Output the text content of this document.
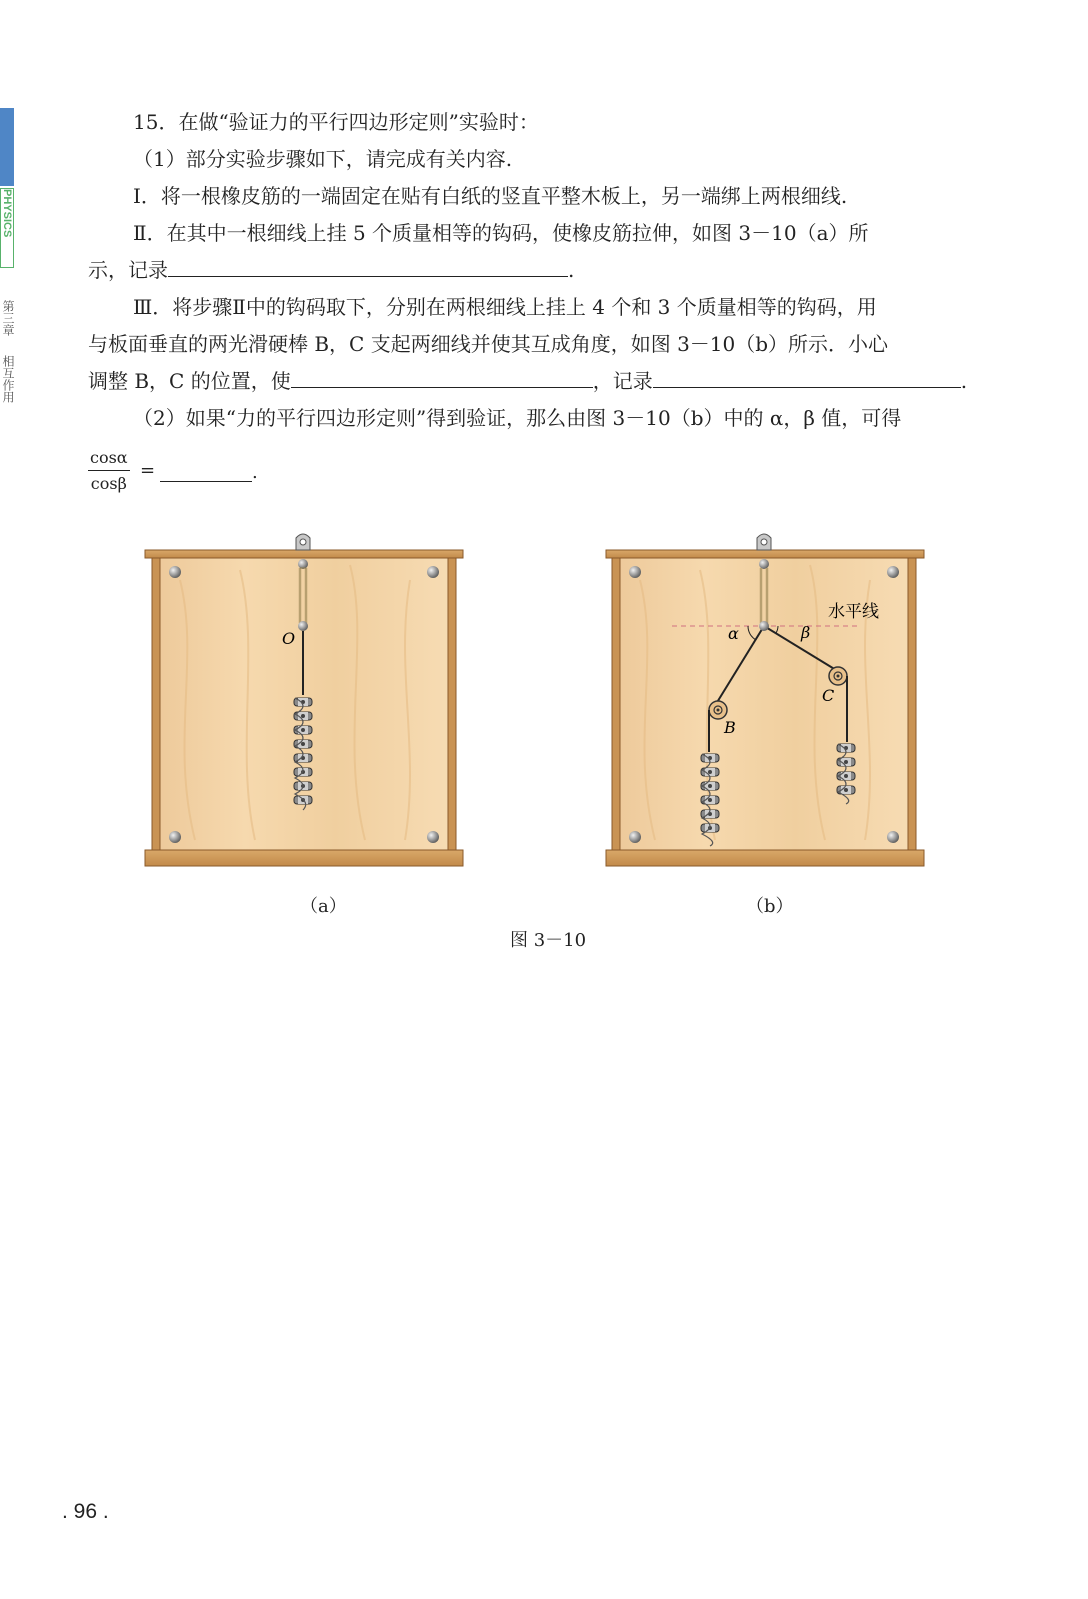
PHYSICS
第三章
相互作用
15．在做“验证力的平行四边形定则”实验时：
（1）部分实验步骤如下，请完成有关内容.
Ⅰ．将一根橡皮筋的一端固定在贴有白纸的竖直平整木板上，另一端绑上两根细线.
Ⅱ．在其中一根细线上挂 5 个质量相等的钩码，使橡皮筋拉伸，如图 3－10（a）所
示，记录	.
Ⅲ．将步骤Ⅱ中的钩码取下，分别在两根细线上挂上 4 个和 3 个质量相等的钩码，用
与板面垂直的两光滑硬棒 B，C 支起两细线并使其互成角度，如图 3－10（b）所示．小心
调整 B，C 的位置，使	，记录	.
（2）如果“力的平行四边形定则”得到验证，那么由图 3－10（b）中的 α，β 值，可得
$\frac{\cos\alpha}{\cos\beta}$ =	.
O
水平线
α	β
B
C
（a）	（b）
图 3－10
. 96 .
